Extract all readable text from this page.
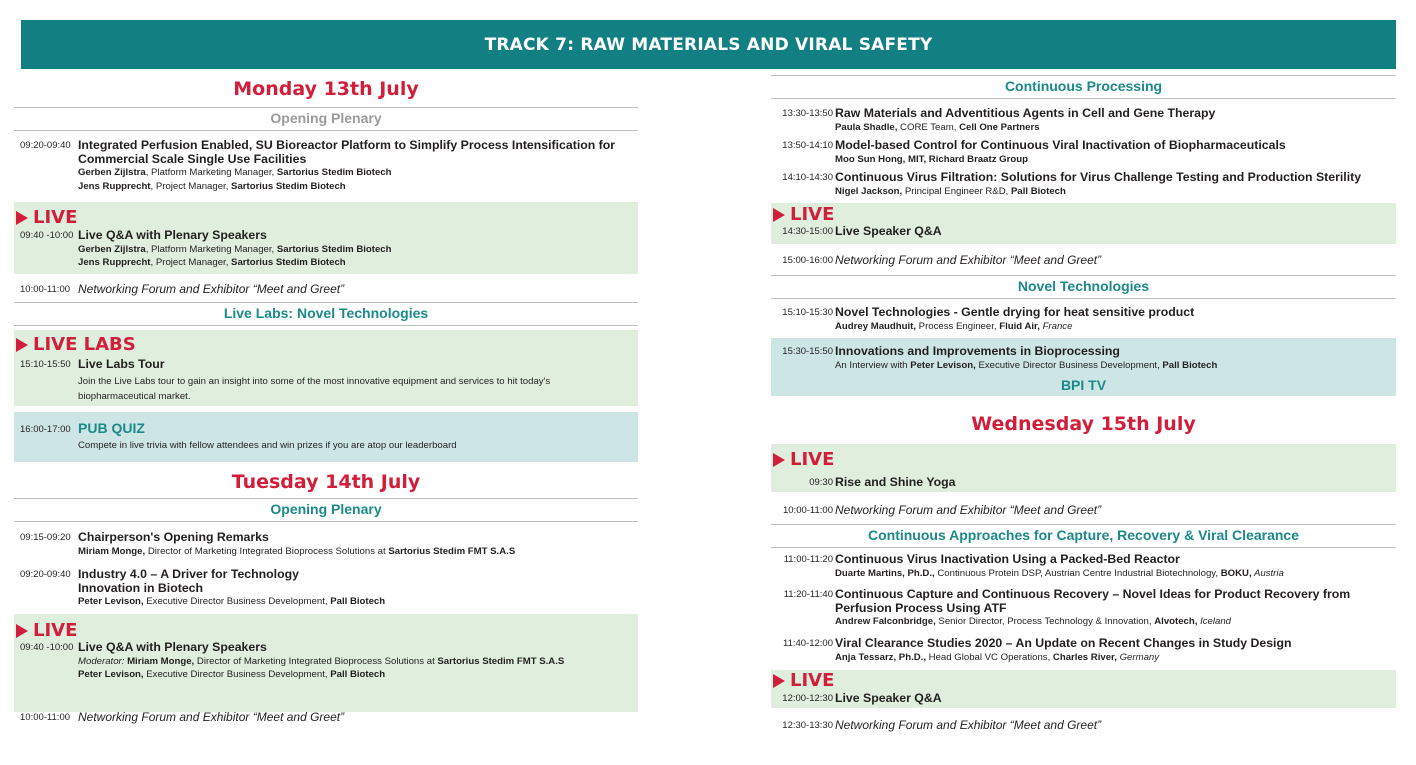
TRACK 7: RAW MATERIALS AND VIRAL SAFETY
Monday 13th July
Opening Plenary
09:20-09:40 Integrated Perfusion Enabled, SU Bioreactor Platform to Simplify Process Intensification for Commercial Scale Single Use Facilities
Gerben Zijlstra, Platform Marketing Manager, Sartorius Stedim Biotech
Jens Rupprecht, Project Manager, Sartorius Stedim Biotech
LIVE
09:40 -10:00 Live Q&A with Plenary Speakers
Gerben Zijlstra, Platform Marketing Manager, Sartorius Stedim Biotech
Jens Rupprecht, Project Manager, Sartorius Stedim Biotech
10:00-11:00 Networking Forum and Exhibitor “Meet and Greet”
Live Labs: Novel Technologies
LIVE LABS
15:10-15:50 Live Labs Tour
Join the Live Labs tour to gain an insight into some of the most innovative equipment and services to hit today's biopharmaceutical market.
16:00-17:00 PUB QUIZ
Compete in live trivia with fellow attendees and win prizes if you are atop our leaderboard
Tuesday 14th July
Opening Plenary
09:15-09:20 Chairperson's Opening Remarks
Miriam Monge, Director of Marketing Integrated Bioprocess Solutions at Sartorius Stedim FMT S.A.S
09:20-09:40 Industry 4.0 – A Driver for Technology Innovation in Biotech
Peter Levison, Executive Director Business Development, Pall Biotech
LIVE
09:40 -10:00 Live Q&A with Plenary Speakers
Moderator: Miriam Monge, Director of Marketing Integrated Bioprocess Solutions at Sartorius Stedim FMT S.A.S
Peter Levison, Executive Director Business Development, Pall Biotech
10:00-11:00 Networking Forum and Exhibitor “Meet and Greet”
Continuous Processing
13:30-13:50 Raw Materials and Adventitious Agents in Cell and Gene Therapy
Paula Shadle, CORE Team, Cell One Partners
13:50-14:10 Model-based Control for Continuous Viral Inactivation of Biopharmaceuticals
Moo Sun Hong, MIT, Richard Braatz Group
14:10-14:30 Continuous Virus Filtration: Solutions for Virus Challenge Testing and Production Sterility
Nigel Jackson, Principal Engineer R&D, Pall Biotech
LIVE
14:30-15:00 Live Speaker Q&A
15:00-16:00 Networking Forum and Exhibitor “Meet and Greet”
Novel Technologies
15:10-15:30 Novel Technologies - Gentle drying for heat sensitive product
Audrey Maudhuit, Process Engineer, Fluid Air, France
15:30-15:50 Innovations and Improvements in Bioprocessing
An Interview with Peter Levison, Executive Director Business Development, Pall Biotech
BPI TV
Wednesday 15th July
LIVE
09:30 Rise and Shine Yoga
10:00-11:00 Networking Forum and Exhibitor “Meet and Greet”
Continuous Approaches for Capture, Recovery & Viral Clearance
11:00-11:20 Continuous Virus Inactivation Using a Packed-Bed Reactor
Duarte Martins, Ph.D., Continuous Protein DSP, Austrian Centre Industrial Biotechnology, BOKU, Austria
11:20-11:40 Continuous Capture and Continuous Recovery – Novel Ideas for Product Recovery from Perfusion Process Using ATF
Andrew Falconbridge, Senior Director, Process Technology & Innovation, Alvotech, Iceland
11:40-12:00 Viral Clearance Studies 2020 – An Update on Recent Changes in Study Design
Anja Tessarz, Ph.D., Head Global VC Operations, Charles River, Germany
LIVE
12:00-12:30 Live Speaker Q&A
12:30-13:30 Networking Forum and Exhibitor “Meet and Greet”
